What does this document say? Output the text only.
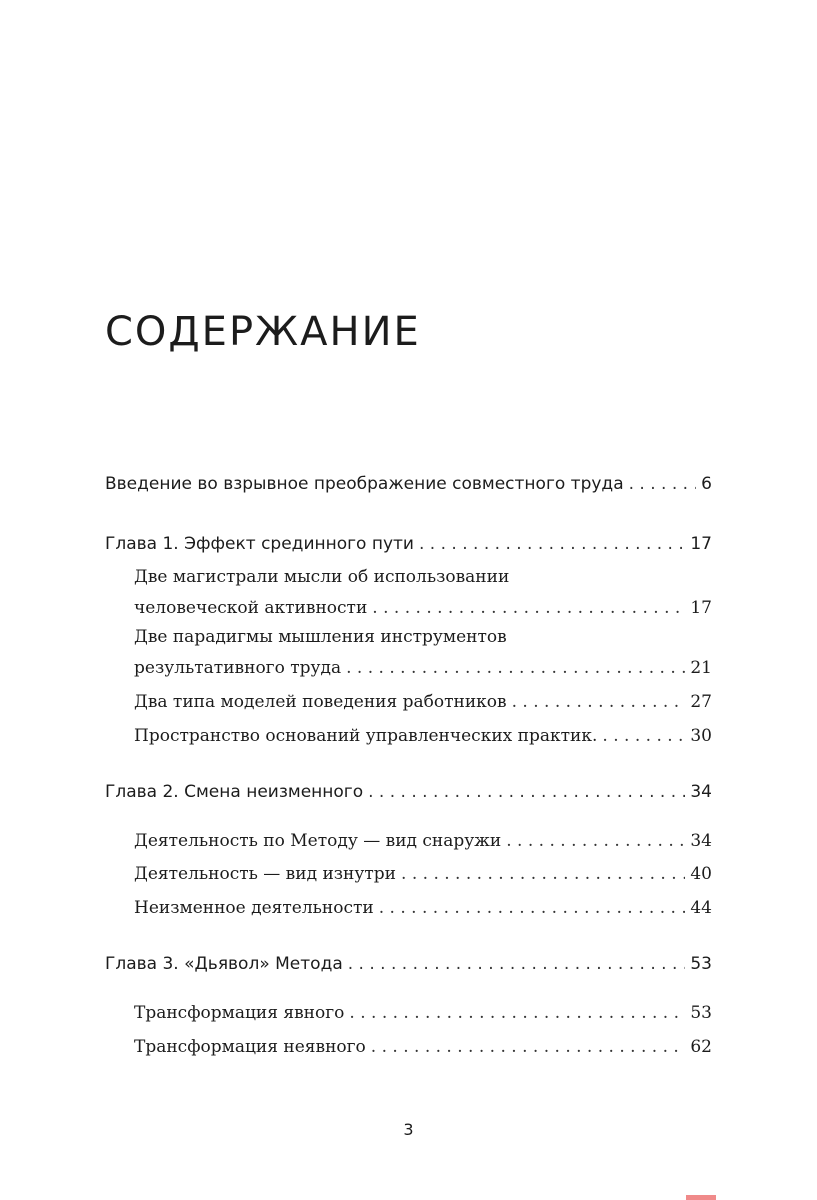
СОДЕРЖАНИЕ
Введение во взрывное преображение совместного труда . . .	6
Глава 1. Эффект срединного пути . . .	17
Две магистрали мысли об использовании
человеческой активности . . .	17
Две парадигмы мышления инструментов
результативного труда . . .	21
Два типа моделей поведения работников . . .	27
Пространство оснований управленческих практик. . . .	30
Глава 2. Смена неизменного . . .	34
Деятельность по Методу — вид снаружи . . .	34
Деятельность — вид изнутри . . .	40
Неизменное деятельности . . .	44
Глава 3. «Дьявол» Метода . . .	53
Трансформация явного . . .	53
Трансформация неявного . . .	62
3
